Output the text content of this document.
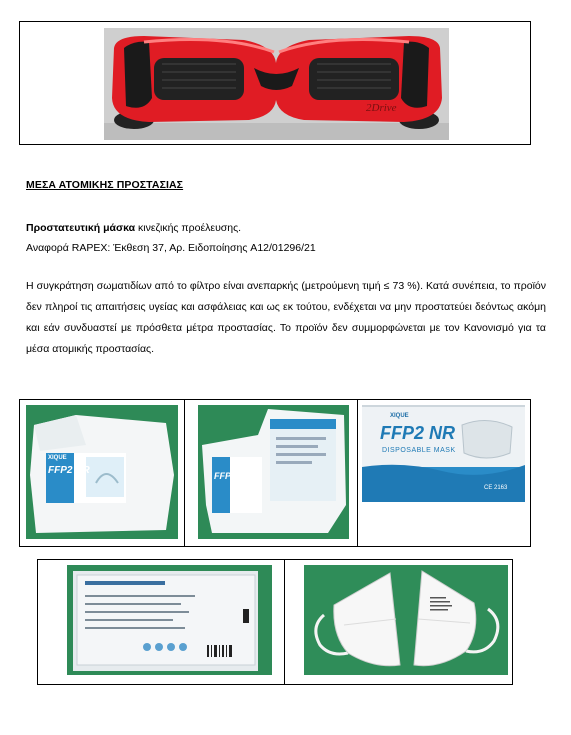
2Drive
ΜΕΣΑ ΑΤΟΜΙΚΗΣ ΠΡΟΣΤΑΣΙΑΣ
Προστατευτική μάσκα κινεζικής προέλευσης.
Αναφορά RAPEX: Έκθεση 37, Αρ. Ειδοποίησης A12/01296/21
Η συγκράτηση σωματιδίων από το φίλτρο είναι ανεπαρκής (μετρούμενη τιμή ≤ 73 %). Κατά συνέπεια, το προϊόν δεν πληροί τις απαιτήσεις υγείας και ασφάλειας και ως εκ τούτου, ενδέχεται να μην προστατεύει δεόντως ακόμη και εάν συνδυαστεί με πρόσθετα μέτρα προστασίας. Το προϊόν δεν συμμορφώνεται με τον Κανονισμό για τα μέσα ατομικής προστασίας.
XIQUE
FFP2 NR	FFP2 NR
XIQUE
FFP2 NR
DISPOSABLE MASK
CE 2163
